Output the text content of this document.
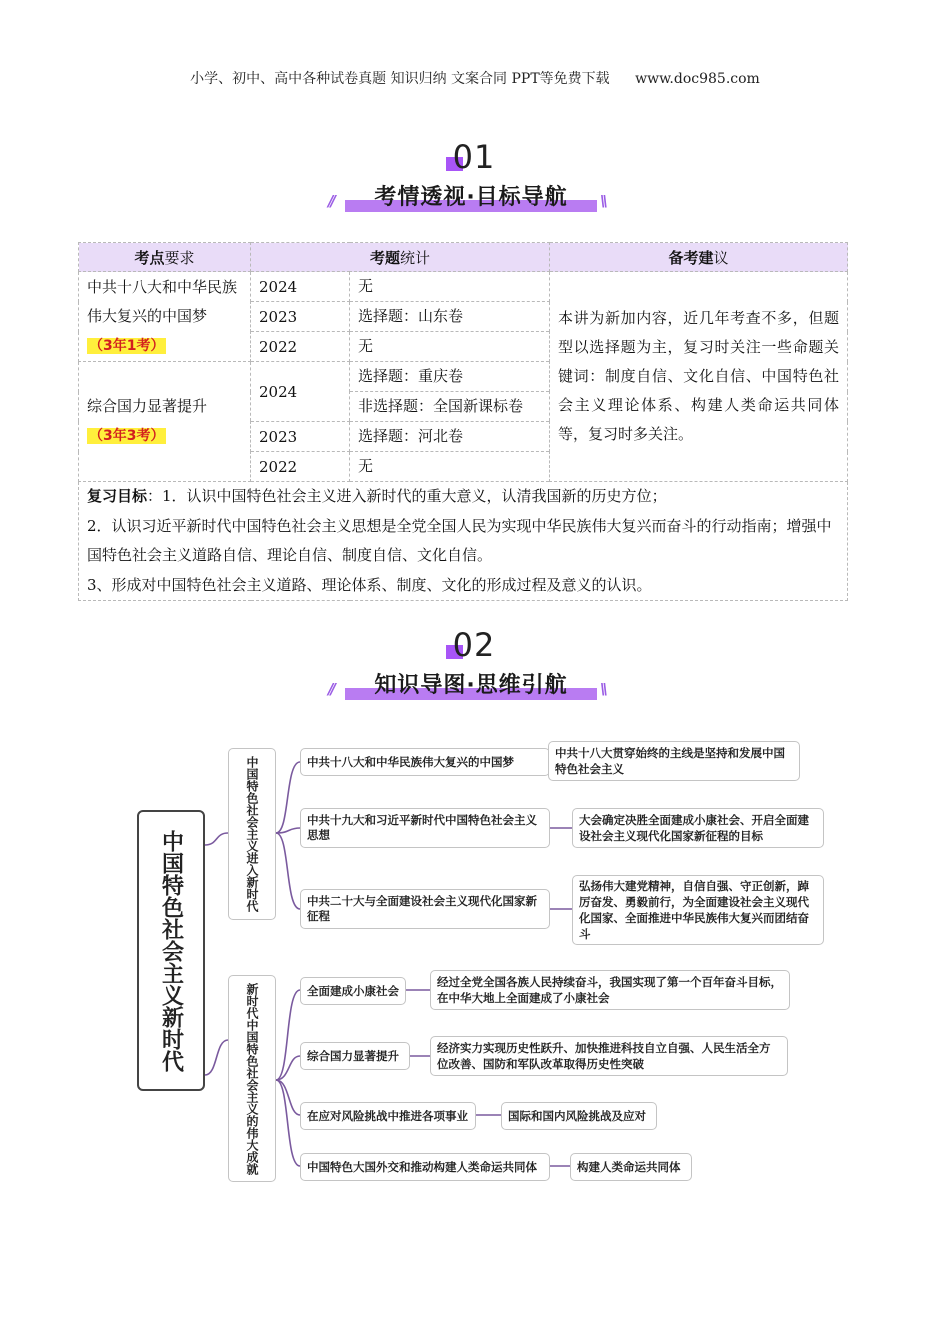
小学、初中、高中各种试卷真题 知识归纳 文案合同 PPT等免费下载 www.doc985.com
01
//	\\
考情透视·目标导航
考点要求	考题统计		备考建议
中共十八大和中华民族伟大复兴的中国梦
（3年1考）	2024	无	本讲为新加内容，近几年考查不多，但题型以选择题为主，复习时关注一些命题关键词：制度自信、文化自信、中国特色社会主义理论体系、构建人类命运共同体等，复习时多关注。
	2023	选择题：山东卷	
	2022	无	
综合国力显著提升
（3年3考）	2024	选择题：重庆卷	
		非选择题：全国新课标卷	

	2023	选择题：河北卷	
	2022	无	
复习目标：1．认识中国特色社会主义进入新时代的重大意义，认清我国新的历史方位；
2．认识习近平新时代中国特色社会主义思想是全党全国人民为实现中华民族伟大复兴而奋斗的行动指南；增强中国特色社会主义道路自信、理论自信、制度自信、文化自信。
3、形成对中国特色社会主义道路、理论体系、制度、文化的形成过程及意义的认识。			
02
//	\\
知识导图·思维引航
中国特色社会主义新时代	中国特色社会主义进入新时代
新时代中国特色社会主义的伟大成就
中共十八大和中华民族伟大复兴的中国梦
中共十八大贯穿始终的主线是坚持和发展中国特色社会主义
中共十九大和习近平新时代中国特色社会主义思想
大会确定决胜全面建成小康社会、开启全面建设社会主义现代化国家新征程的目标
中共二十大与全面建设社会主义现代化国家新征程
弘扬伟大建党精神，自信自强、守正创新，踔厉奋发、勇毅前行，为全面建设社会主义现代化国家、全面推进中华民族伟大复兴而团结奋斗
全面建成小康社会
经过全党全国各族人民持续奋斗，我国实现了第一个百年奋斗目标，在中华大地上全面建成了小康社会
综合国力显著提升
经济实力实现历史性跃升、加快推进科技自立自强、人民生活全方位改善、国防和军队改革取得历史性突破
在应对风险挑战中推进各项事业	国际和国内风险挑战及应对
中国特色大国外交和推动构建人类命运共同体	构建人类命运共同体
